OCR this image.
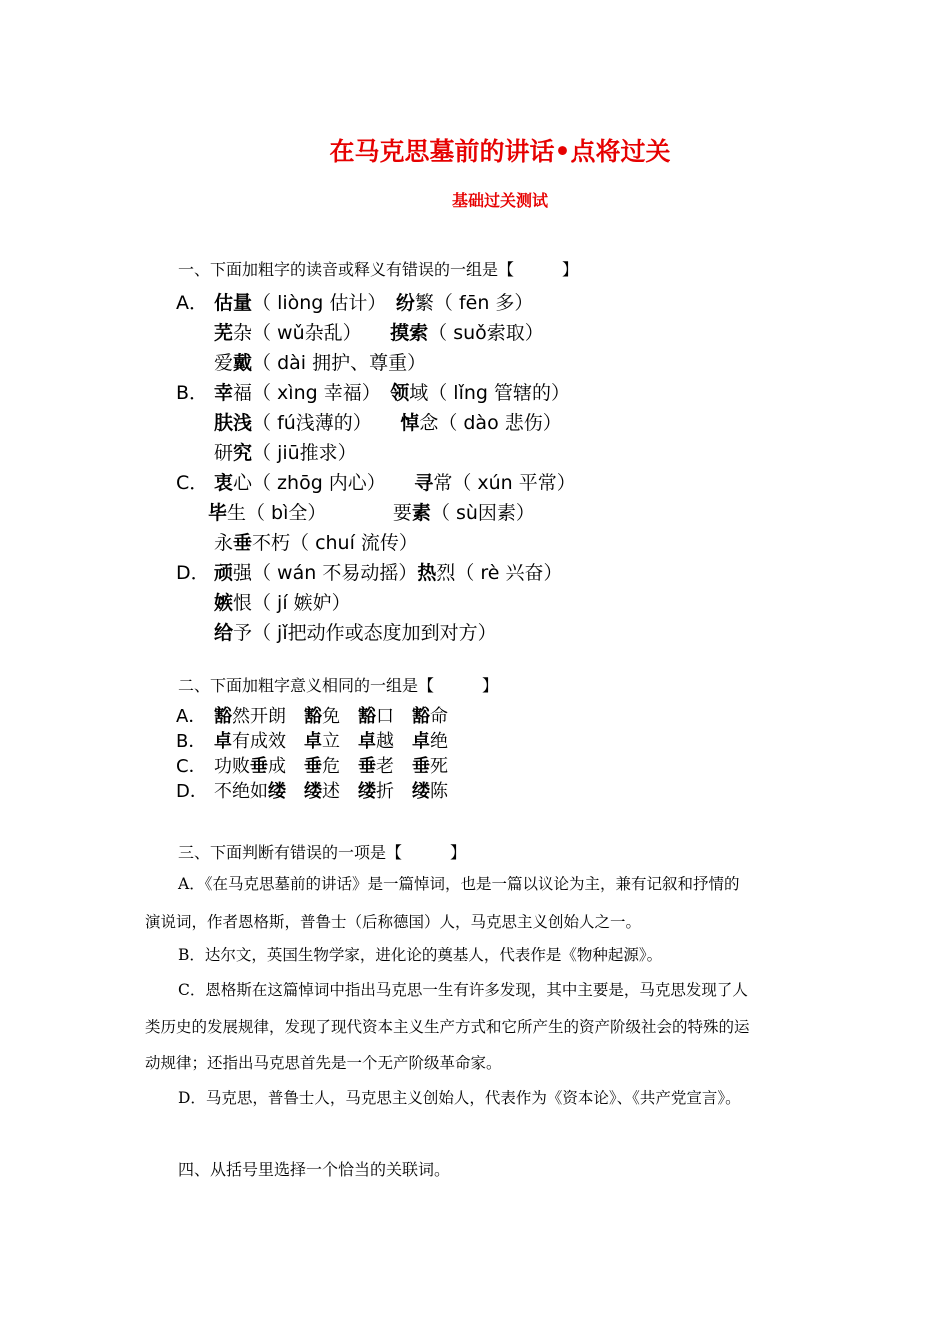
在马克思墓前的讲话•点将过关
基础过关测试
一、下面加粗字的读音或释义有错误的一组是【　　　】
A． 估量（ liòng 估计）　纷繁（ fēn 多）
芜杂（ wǔ杂乱）　　摸索（ suǒ索取）
爱戴（ dài 拥护、尊重）
B． 幸福（ xìng 幸福）　领域（ lǐng 管辖的）
肤浅（ fú浅薄的）　　悼念（ dào 悲伤）
研究（ jiū推求）
C． 衷心（ zhōg 内心）　　寻常（ xún 平常）
毕生（ bì全）　　　　要素（ sù因素）
永垂不朽（ chuí 流传）
D． 顽强（ wán 不易动摇）热烈（ rè 兴奋）
嫉恨（ jí 嫉妒）
给予（ jǐ把动作或态度加到对方）
二、下面加粗字意义相同的一组是【　　　】
A． 豁然开朗　豁免　豁口　豁命
B． 卓有成效　卓立　卓越　卓绝
C． 功败垂成　垂危　垂老　垂死
D． 不绝如缕　 缕述　缕折　缕陈
三、下面判断有错误的一项是【　　　】
A．《在马克思墓前的讲话》是一篇悼词，也是一篇以议论为主，兼有记叙和抒情的
演说词，作者恩格斯，普鲁士（后称德国）人，马克思主义创始人之一。
B．达尔文，英国生物学家，进化论的奠基人，代表作是《物种起源》。
C．恩格斯在这篇悼词中指出马克思一生有许多发现，其中主要是，马克思发现了人
类历史的发展规律，发现了现代资本主义生产方式和它所产生的资产阶级社会的特殊的运
动规律；还指出马克思首先是一个无产阶级革命家。
D．马克思，普鲁士人，马克思主义创始人，代表作为《资本论》、《共产党宣言》。
四、从括号里选择一个恰当的关联词。
